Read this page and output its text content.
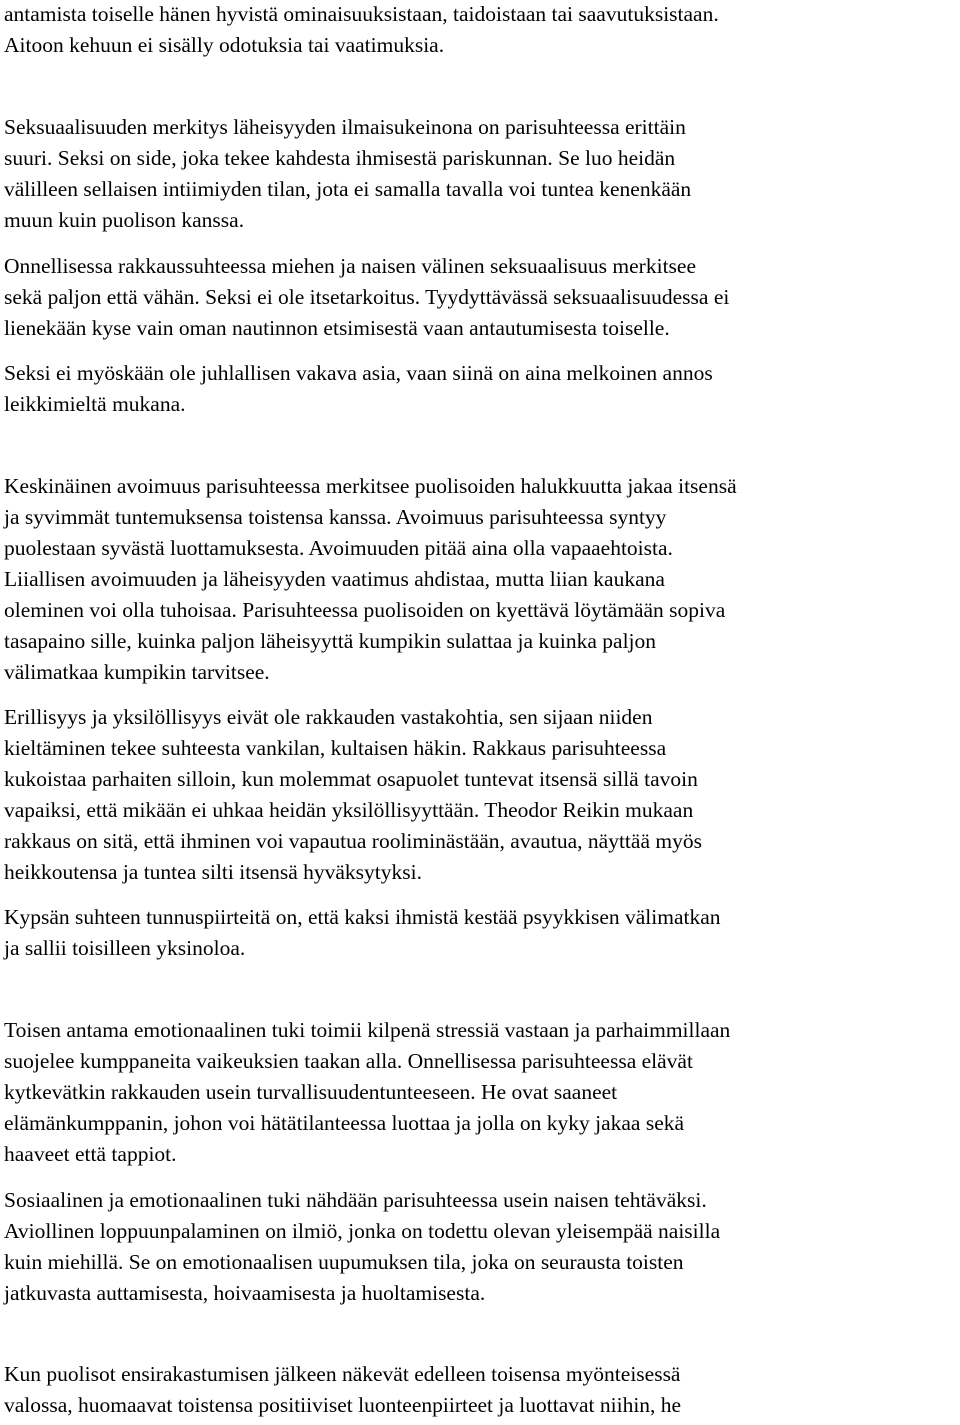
antamista toiselle hänen hyvistä ominaisuuksistaan, taidoistaan tai saavutuksistaan.
Aitoon kehuun ei sisälly odotuksia tai vaatimuksia.
Seksuaalisuuden merkitys läheisyyden ilmaisukeinona on parisuhteessa erittäin
suuri. Seksi on side, joka tekee kahdesta ihmisestä pariskunnan. Se luo heidän
välilleen sellaisen intiimiyden tilan, jota ei samalla tavalla voi tuntea kenenkään
muun kuin puolison kanssa.
Onnellisessa rakkaussuhteessa miehen ja naisen välinen seksuaalisuus merkitsee
sekä paljon että vähän. Seksi ei ole itsetarkoitus. Tyydyttävässä seksuaalisuudessa ei
lienekään kyse vain oman nautinnon etsimisestä vaan antautumisesta toiselle.
Seksi ei myöskään ole juhlallisen vakava asia, vaan siinä on aina melkoinen annos
leikkimieltä mukana.
Keskinäinen avoimuus parisuhteessa merkitsee puolisoiden halukkuutta jakaa itsensä
ja syvimmät tuntemuksensa toistensa kanssa. Avoimuus parisuhteessa syntyy
puolestaan syvästä luottamuksesta. Avoimuuden pitää aina olla vapaaehtoista.
Liiallisen avoimuuden ja läheisyyden vaatimus ahdistaa, mutta liian kaukana
oleminen voi olla tuhoisaa. Parisuhteessa puolisoiden on kyettävä löytämään sopiva
tasapaino sille, kuinka paljon läheisyyttä kumpikin sulattaa ja kuinka paljon
välimatkaa kumpikin tarvitsee.
Erillisyys ja yksilöllisyys eivät ole rakkauden vastakohtia, sen sijaan niiden
kieltäminen tekee suhteesta vankilan, kultaisen häkin. Rakkaus parisuhteessa
kukoistaa parhaiten silloin, kun molemmat osapuolet tuntevat itsensä sillä tavoin
vapaiksi, että mikään ei uhkaa heidän yksilöllisyyttään. Theodor Reikin mukaan
rakkaus on sitä, että ihminen voi vapautua rooliminästään, avautua, näyttää myös
heikkoutensa ja tuntea silti itsensä hyväksytyksi.
Kypsän suhteen tunnuspiirteitä on, että kaksi ihmistä kestää psyykkisen välimatkan
ja sallii toisilleen yksinoloa.
Toisen antama emotionaalinen tuki toimii kilpenä stressiä vastaan ja parhaimmillaan
suojelee kumppaneita vaikeuksien taakan alla. Onnellisessa parisuhteessa elävät
kytkevätkin rakkauden usein turvallisuudentunteeseen. He ovat saaneet
elämänkumppanin, johon voi hätätilanteessa luottaa ja jolla on kyky jakaa sekä
haaveet että tappiot.
Sosiaalinen ja emotionaalinen tuki nähdään parisuhteessa usein naisen tehtäväksi.
Aviollinen loppuunpalaminen on ilmiö, jonka on todettu olevan yleisempää naisilla
kuin miehillä. Se on emotionaalisen uupumuksen tila, joka on seurausta toisten
jatkuvasta auttamisesta, hoivaamisesta ja huoltamisesta.
Kun puolisot ensirakastumisen jälkeen näkevät edelleen toisensa myönteisessä
valossa, huomaavat toistensa positiiviset luonteenpiirteet ja luottavat niihin, he
